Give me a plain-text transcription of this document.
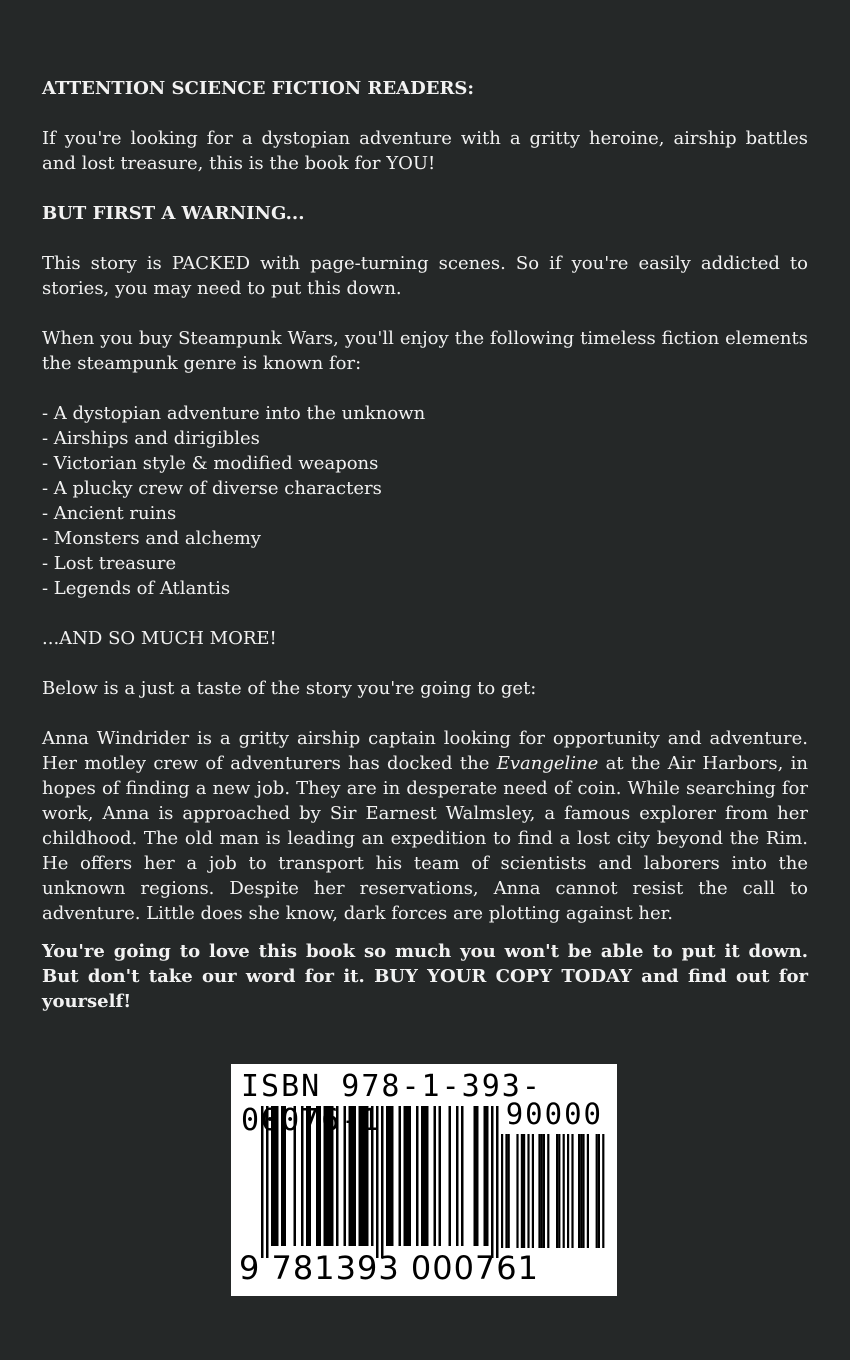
ATTENTION SCIENCE FICTION READERS:

If you're looking for a dystopian adventure with a gritty heroine, airship battles and lost treasure, this is the book for YOU!

BUT FIRST A WARNING...

This story is PACKED with page-turning scenes. So if you're easily addicted to stories, you may need to put this down.

When you buy Steampunk Wars, you'll enjoy the following timeless fiction elements the steampunk genre is known for:

- A dystopian adventure into the unknown
- Airships and dirigibles
- Victorian style & modified weapons
- A plucky crew of diverse characters
- Ancient ruins
- Monsters and alchemy
- Lost treasure
- Legends of Atlantis

...AND SO MUCH MORE!

Below is a just a taste of the story you're going to get:

Anna Windrider is a gritty airship captain looking for opportunity and adventure. Her motley crew of adventurers has docked the Evangeline at the Air Harbors, in hopes of finding a new job. They are in desperate need of coin. While searching for work, Anna is approached by Sir Earnest Walmsley, a famous explorer from her childhood. The old man is leading an expedition to find a lost city beyond the Rim. He offers her a job to transport his team of scientists and laborers into the unknown regions. Despite her reservations, Anna cannot resist the call to adventure. Little does she know, dark forces are plotting against her.

You're going to love this book so much you won't be able to put it down. But don't take our word for it. BUY YOUR COPY TODAY and find out for yourself!

ISBN 978-1-393-00076-1	90000
9 781393 000761
